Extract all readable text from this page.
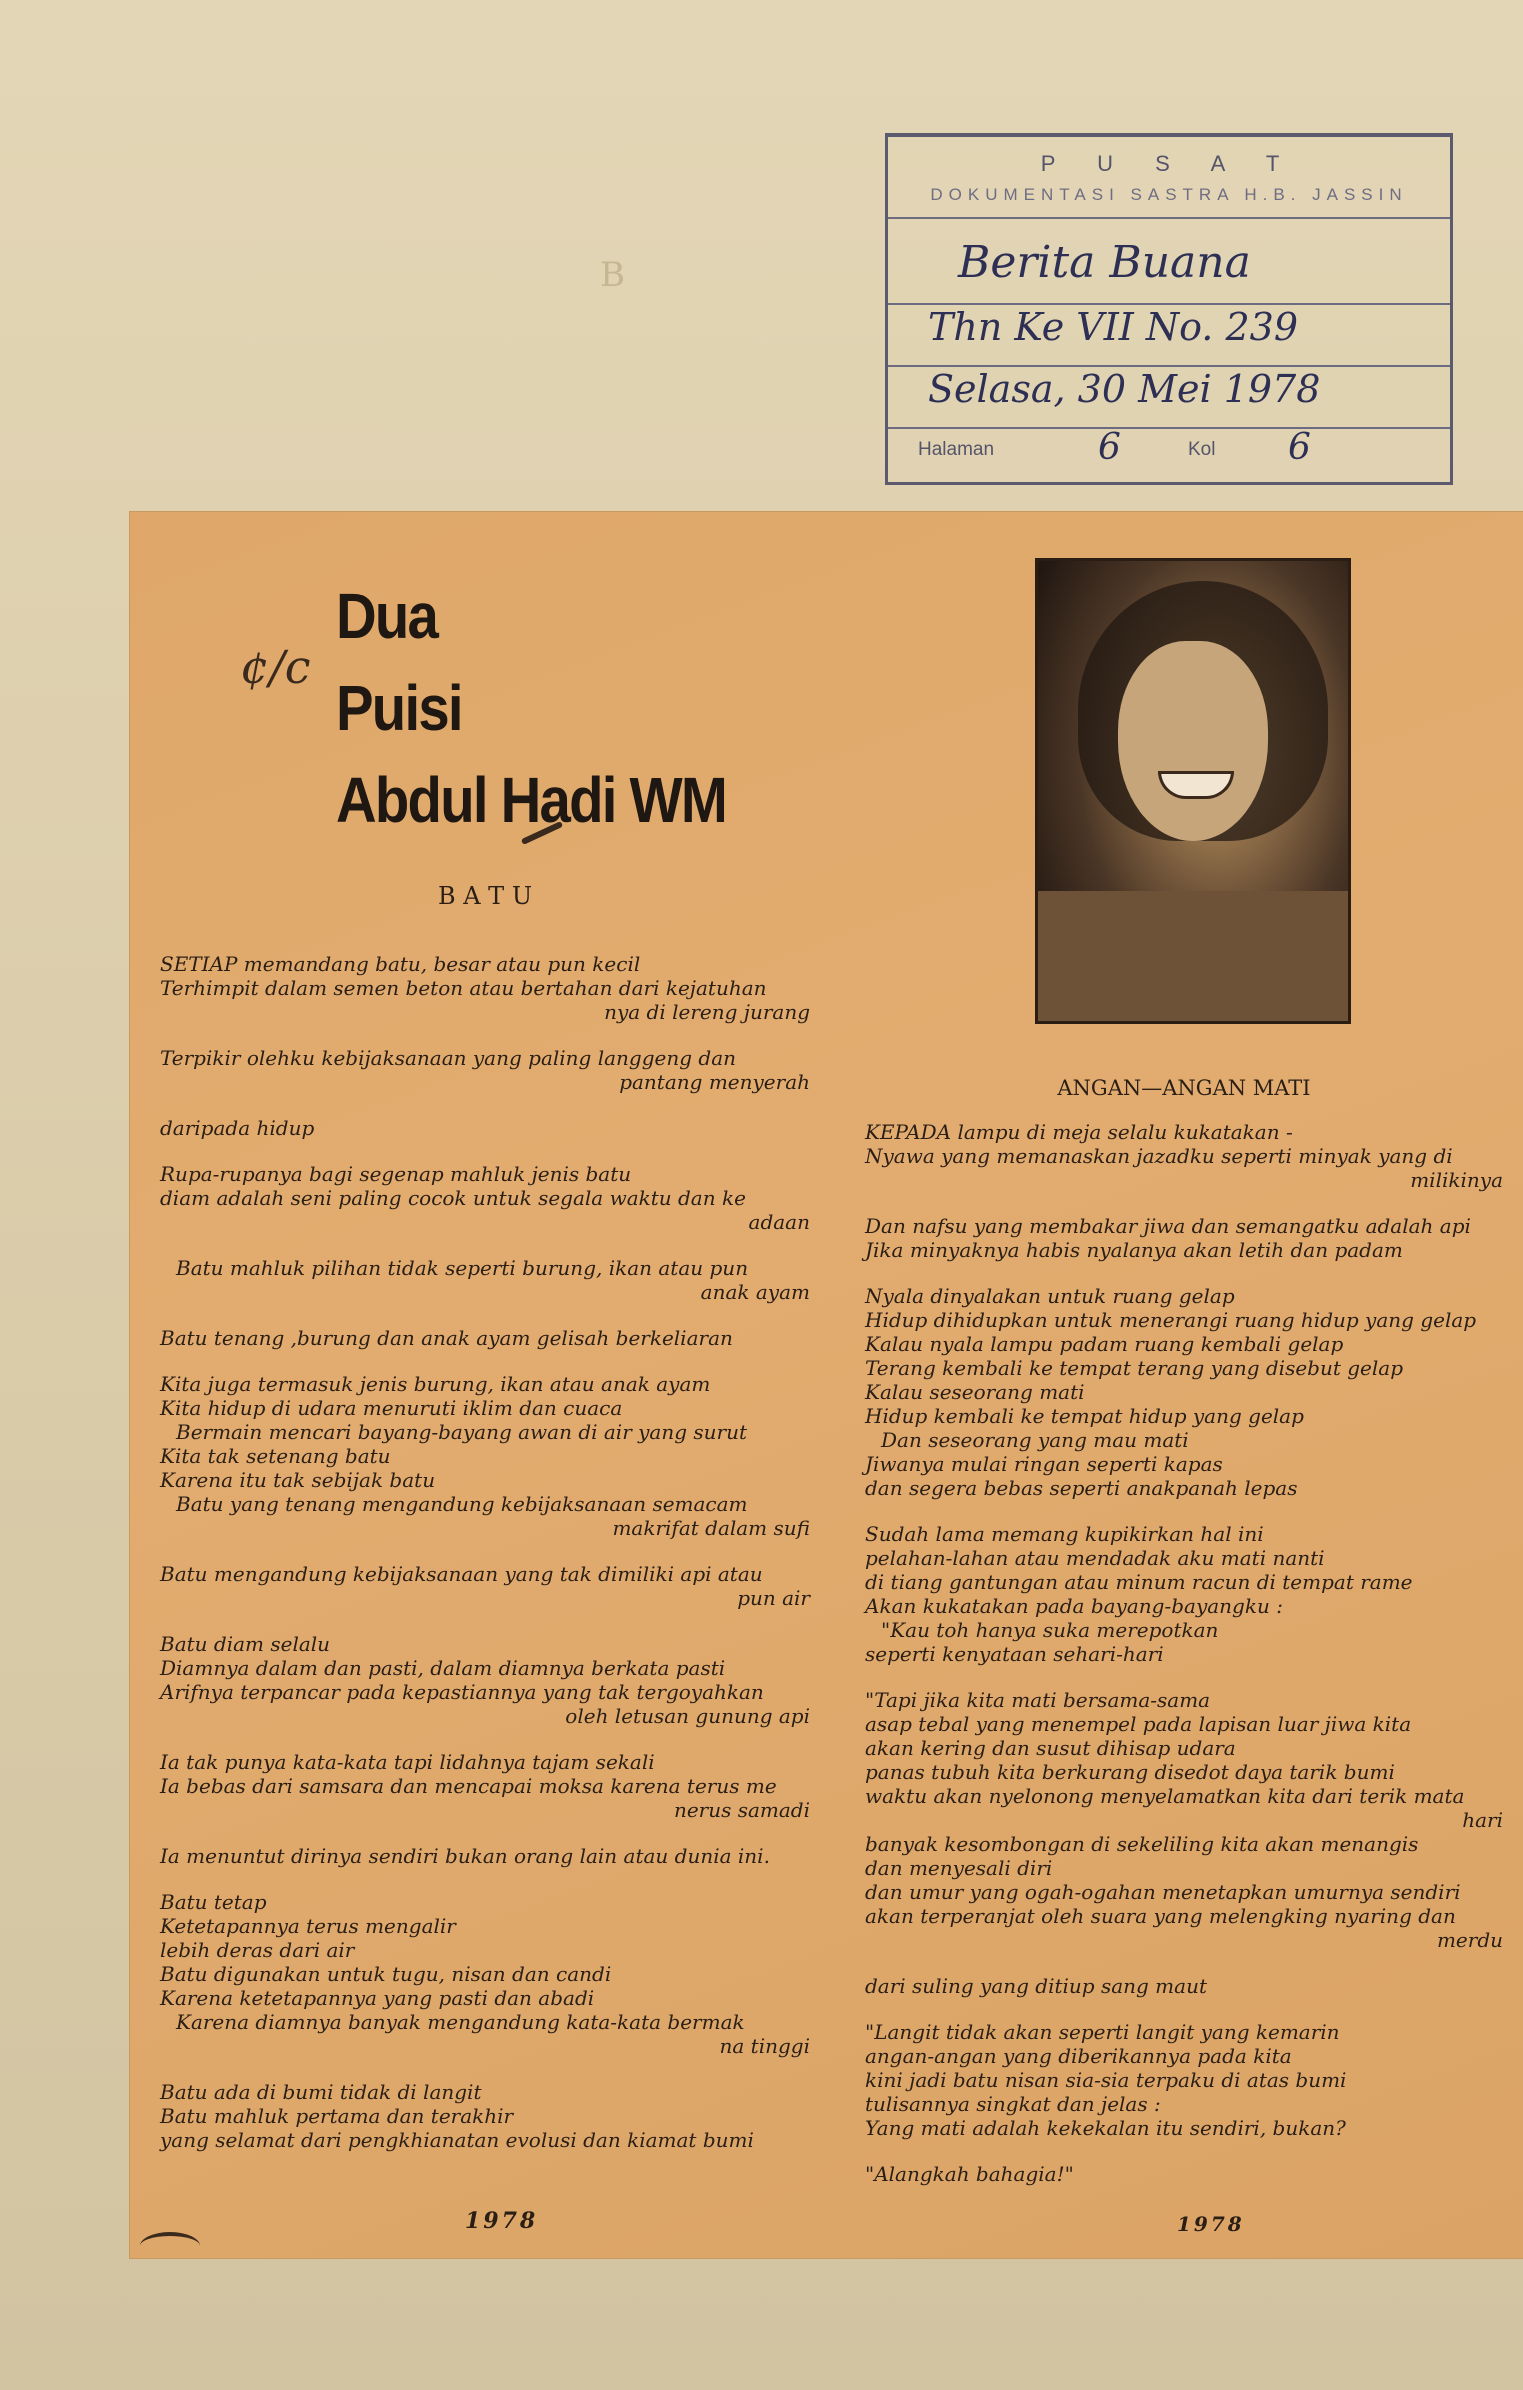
B
P U S A T
DOKUMENTASI SASTRA H.B. JASSIN
Berita Buana
Thn Ke VII No. 239
Selasa, 30 Mei 1978
Halaman	6	Kol 6
¢/c
Dua
Puisi
Abdul Hadi WM

B A T U

SETIAP memandang batu, besar atau pun kecil

Terhimpit dalam semen beton atau bertahan dari kejatuhan

nya di lereng jurang

Terpikir olehku kebijaksanaan yang paling langgeng dan

pantang menyerah

daripada hidup

Rupa-rupanya bagi segenap mahluk jenis batu

diam adalah seni paling cocok untuk segala waktu dan ke

adaan

Batu mahluk pilihan tidak seperti burung, ikan atau pun

anak ayam

Batu tenang ,burung dan anak ayam gelisah berkeliaran

Kita juga termasuk jenis burung, ikan atau anak ayam

Kita hidup di udara menuruti iklim dan cuaca

Bermain mencari bayang-bayang awan di air yang surut

Kita tak setenang batu

Karena itu tak sebijak batu

Batu yang tenang mengandung kebijaksanaan semacam

makrifat dalam sufi

Batu mengandung kebijaksanaan yang tak dimiliki api atau

pun air

Batu diam selalu

Diamnya dalam dan pasti, dalam diamnya berkata pasti

Arifnya terpancar pada kepastiannya yang tak tergoyahkan

oleh letusan gunung api

Ia tak punya kata-kata tapi lidahnya tajam sekali

Ia bebas dari samsara dan mencapai moksa karena terus me

nerus samadi

Ia menuntut dirinya sendiri bukan orang lain atau dunia ini.

Batu tetap

Ketetapannya terus mengalir

lebih deras dari air

Batu digunakan untuk tugu, nisan dan candi

Karena ketetapannya yang pasti dan abadi

Karena diamnya banyak mengandung kata-kata bermak

na tinggi

Batu ada di bumi tidak di langit

Batu mahluk pertama dan terakhir

yang selamat dari pengkhianatan evolusi dan kiamat bumi

1978

ANGAN—ANGAN MATI

KEPADA lampu di meja selalu kukatakan -

Nyawa yang memanaskan jazadku seperti minyak yang di

milikinya

Dan nafsu yang membakar jiwa dan semangatku adalah api

Jika minyaknya habis nyalanya akan letih dan padam

Nyala dinyalakan untuk ruang gelap

Hidup dihidupkan untuk menerangi ruang hidup yang gelap

Kalau nyala lampu padam ruang kembali gelap

Terang kembali ke tempat terang yang disebut gelap

Kalau seseorang mati

Hidup kembali ke tempat hidup yang gelap

Dan seseorang yang mau mati

Jiwanya mulai ringan seperti kapas

dan segera bebas seperti anakpanah lepas

Sudah lama memang kupikirkan hal ini

pelahan-lahan atau mendadak aku mati nanti

di tiang gantungan atau minum racun di tempat rame

Akan kukatakan pada bayang-bayangku :

"Kau toh hanya suka merepotkan

seperti kenyataan sehari-hari

"Tapi jika kita mati bersama-sama

asap tebal yang menempel pada lapisan luar jiwa kita

akan kering dan susut dihisap udara

panas tubuh kita berkurang disedot daya tarik bumi

waktu akan nyelonong menyelamatkan kita dari terik mata

hari

banyak kesombongan di sekeliling kita akan menangis

dan menyesali diri

dan umur yang ogah-ogahan menetapkan umurnya sendiri

akan terperanjat oleh suara yang melengking nyaring dan

merdu

dari suling yang ditiup sang maut

"Langit tidak akan seperti langit yang kemarin

angan-angan yang diberikannya pada kita

kini jadi batu nisan sia-sia terpaku di atas bumi

tulisannya singkat dan jelas :

Yang mati adalah kekekalan itu sendiri, bukan?

"Alangkah bahagia!"

1978
